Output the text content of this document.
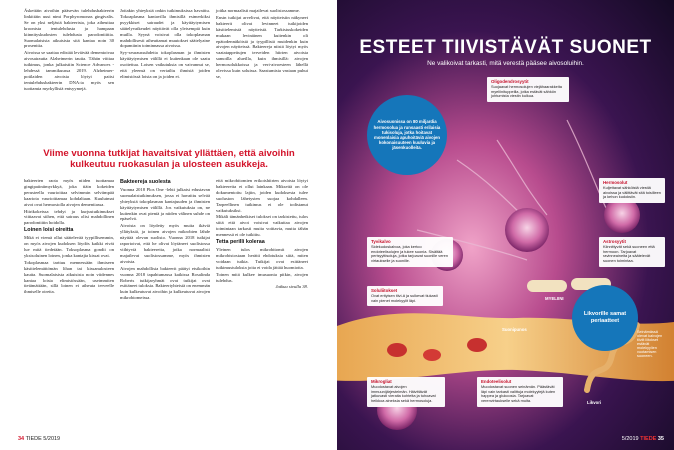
Äskettäin aivoihin pääsevän tulehdusbakteerin linkittäin uusi nimi Porphyromonas gingivalis. Se on yksi neljästä bakteerista, joka aiheuttaa kroonista ientulehdusta ja hampaan kiinnityskudosten tulehdusta parodontiittia. Suomalaisista aikuisista sitä kantaa noin 30 prosenttia.

Aivoissa se saattaa edistää leviävää dementoivaa aivosairautta Alzheimerin tautia. Tähän viittaa tutkimus, jonka julkaistiin Science Advances -lehdessä tammikuussa 2019. Alzheimer-potilaiden aivoista löytyi paitsi ientulehdusbakteerin DNA:ta myös sen tuottamia myrkyllisiä entsyymejä.

Joitakin yhteyksiä onkin tutkimuksissa havaittu. Tokoaplasma kantavilla ihmisillä esimerkiksi psyykkiset sairaudet ja käyttäytymisen säätelyvaikeudet näyttävät olla yleisempiä kuin muilla. Syynä voisivat olla tokoplasman mahdollisesti aiheuttamat muutokset säätelyaine dopamiinin toiminnassa aivoissa.

Syy-seuraussuhdetta tokoplasman ja ihmisten käyttäytymisen välillä ei kuitenkaan ole saatu osoitettua. Loisen vaikutuksia on vaivannut se, että yleensä on vertailtu ihmisiä joiden elimistössä loista on ja joiden ei.

joitka normaalisti majailevat suolistossamme.

Ensin tutkijat arvelivat, että näytteisiin näkyneet bakteerit olivat levinneet tutkijoiden käsittelemistä näytteistä. Tarkistuskokeiden mukaan levinäinen kuitenkin oli epätodennäköistä ja tyypillistä muidenkin kuin aivojen näytteissä. Bakteereja niistä löytyi myös vaatatappeitujen terveiden hiirten aivoista samoilla alueilla, kuin ihmisillä: aivojen hermosolukkoissa ja veri-aivoesteen lähellä olevissa kuin soluissa. Saastumista vastaan puhui se,

Viime vuonna tutkijat havaitsivat yllättäen, että aivoihin kulkeutuu ruokasulan ja ulosteen asukkeja.

bakteerien raota myös niiden tuottamaa gingipaiiniimyrkkyä, joka tiäin kokeiden perusteella vaurioittaa selvimmin selviimpää kaariota vaurioittamaa kohdaltaan. Kuulutmat aivot ovat hermostolla aivojen dementiassa.

Hiirikokeissa tehdyt ja kurjustutkimukset viittaavat siihen, että sairaus olisi mahdollinen parodontiitin hoidolla.

Loinen loisi oireitta

Mikä ei viemä ollut säätelevää tyypillisemmin, on myös aivojen kudoksen löydös kaikki eivät lue mitä tiedetään. Toksoplasma gondii on yksisoluinen loinen, jonka kantajia kissat ovat.

Tokoplasmaa tarttuu mennessään ihmiseen käsittelemättömän lihan tai kissanulosteen kautta. Suomalaisista aikuisista noin viidennes kantaa loista elimistössään, useimmiten tietämättään, sillä loinen ei aiheuta terveelle ihmiselle oireita.

Bakteereja suolesta

Vuonna 2018 Plos One -lehti julkaisi edustavan suomalaistutkimuksen, jossa ei havaittu selvää yhteyksiä tokoplasman kantajuuden ja ihmisten käyttäytymisen välillä. Jos vaikutuksia on, ne kuitenkin ovat pieniä ja niiden välinen suhde on epäselvä.

Aivoista on löydetty myös muita ikäviä yllätyksiä, ja toinen aivojen mikrobien lähde näyttää olevan suolisto. Vuonna 2018 tutkijat raportoivat, että he olivat löytäneet suolistossa viihtyviä bakteereita, jotka normaalisti majailevat suolistossamme, myös ihmisten aivoista.

Aivojen mahdollisia bakteerit päätyi etsikoihin vuonna 2018 tapahtumassa kaikissa Rosalinda Roberts tutkijaryhmät ovat tutkijat ovat esittäneet tuloksia. Bakteeriyhteisiä on enemmän kuin kulkeutuvat aivoihin ja kulkeutuvat aivojen mikrobiomeissa.

että mikrobitomien erikoishiirten aivoista löytyi bakteereita ei ollut lainkaan. Mikseitä on ole dokumentoitu lajiin, joiden kudoksesta tulee suoluston lähetysten suojaa kohdalleen. Tarpeellinen tutkimus ei ole todistanut vaikutuksiksi.

Mikäli tämänhetkiset tulokset on tarkistettu, tulos siitä että aivot voisivat vaikuttaa aivojen toimintaan tarkasti muita voittavia, mutta tähän mennessä ei ole tutkittu.

Tetta perilli koleraa

Yleinen tulos mikrobitomit aivojen mikrobistostaan herätti ehdotuksia siitä, miten voidaan tutkia. Tutkijat ovat esittäneet tutkimustuloksia joita ei voida jättää huomiotta.

Toinen mitä kulkee imusuonia pitkin, aivojen tulehdus.

Jatkuu sivulla 38.

34 TIEDE 5/2019
ESTEET TIIVISTÄVÄT SUONET
Ne valikoivat tarkasti, mitä verestä pääsee aivosoluihin.
Aivosuonissa on 80 miljardia hermosolua ja runsaasti erilaisia tukisoluja, jotka hoitavat monenlaisia apuhoitäviä aivojen kokonaisuuteen kuuluvia ja jäsenkuolleita.
Oligodendrosyytit
Suojaavat hermosolujen viejähaarakkeita myeliinituppeilla, jotka estävät sähkön johtumista viestin kulkua.
Hermosolut
Kuljettavat sähköistä viestiä aivoissa ja välittävät sitä toisilleen ja kehon kudoksiin.
Tyvikalvo
Sidekudoskalvoa, joka kertoo endoteelisolujen ja tukee suonia. Sisältää perisyyttisoluja, jotka tarjoavat suonille veren virtaukselle ja suonille.
Astrosyytit
Kiinnittyvät sekä suoneen että hermoon. Tarjoavat ravinneaineita ja säätelevät suonen toimintaa.
Soluliitokset
Ovat erityisen tiivi-ä ja sulkevat tiukasti vain pienet molekyylit läpi.
Mikrogliat
Muodostavat aivojen immuunijärjestelmän. Häivittävät jatkuvasti vieraita kohteita ja tuhoavat heikkoa aineksia sekä hermosoluja.
Endoteelisolut
Muodostavat suonen seinämän. Päästävät läpi vain tarkasti valittuja molekyylejä kuten happea ja glukoosia. Tarjoavat verenvirtaukselle sekä muita.
Likvorille samat periaatteet
Seinämässä olevat kalvojen tiiviit liitokset estävät molekyylien vuotamisen suoneen.
Suonipunos
MYELIINI
Likvori
5/2019 TIEDE 35
